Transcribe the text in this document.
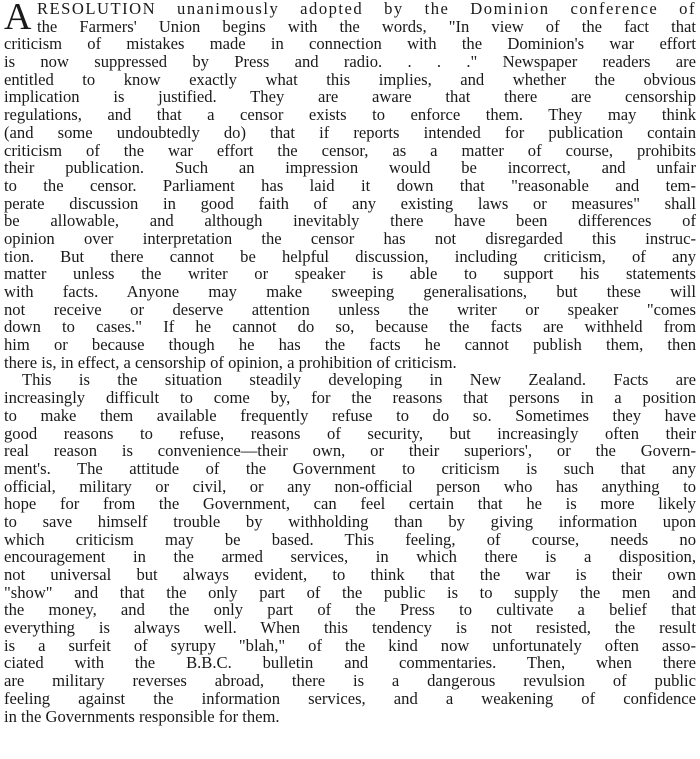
ARESOLUTION unanimously adopted by the Dominion conference of
the Farmers' Union begins with the words, "In view of the fact that
criticism of mistakes made in connection with the Dominion's war effort
is now suppressed by Press and radio. . . ." Newspaper readers are
entitled to know exactly what this implies, and whether the obvious
implication is justified. They are aware that there are censorship
regulations, and that a censor exists to enforce them. They may think
(and some undoubtedly do) that if reports intended for publication contain
criticism of the war effort the censor, as a matter of course, prohibits
their publication. Such an impression would be incorrect, and unfair
to the censor. Parliament has laid it down that "reasonable and tem-
perate discussion in good faith of any existing laws or measures" shall
be allowable, and although inevitably there have been differences of
opinion over interpretation the censor has not disregarded this instruc-
tion. But there cannot be helpful discussion, including criticism, of any
matter unless the writer or speaker is able to support his statements
with facts. Anyone may make sweeping generalisations, but these will
not receive or deserve attention unless the writer or speaker "comes
down to cases." If he cannot do so, because the facts are withheld from
him or because though he has the facts he cannot publish them, then
there is, in effect, a censorship of opinion, a prohibition of criticism.
This is the situation steadily developing in New Zealand. Facts are
increasingly difficult to come by, for the reasons that persons in a position
to make them available frequently refuse to do so. Sometimes they have
good reasons to refuse, reasons of security, but increasingly often their
real reason is convenience—their own, or their superiors', or the Govern-
ment's. The attitude of the Government to criticism is such that any
official, military or civil, or any non-official person who has anything to
hope for from the Government, can feel certain that he is more likely
to save himself trouble by withholding than by giving information upon
which criticism may be based. This feeling, of course, needs no
encouragement in the armed services, in which there is a disposition,
not universal but always evident, to think that the war is their own
"show" and that the only part of the public is to supply the men and
the money, and the only part of the Press to cultivate a belief that
everything is always well. When this tendency is not resisted, the result
is a surfeit of syrupy "blah," of the kind now unfortunately often asso-
ciated with the B.B.C. bulletin and commentaries. Then, when there
are military reverses abroad, there is a dangerous revulsion of public
feeling against the information services, and a weakening of confidence
in the Governments responsible for them.
